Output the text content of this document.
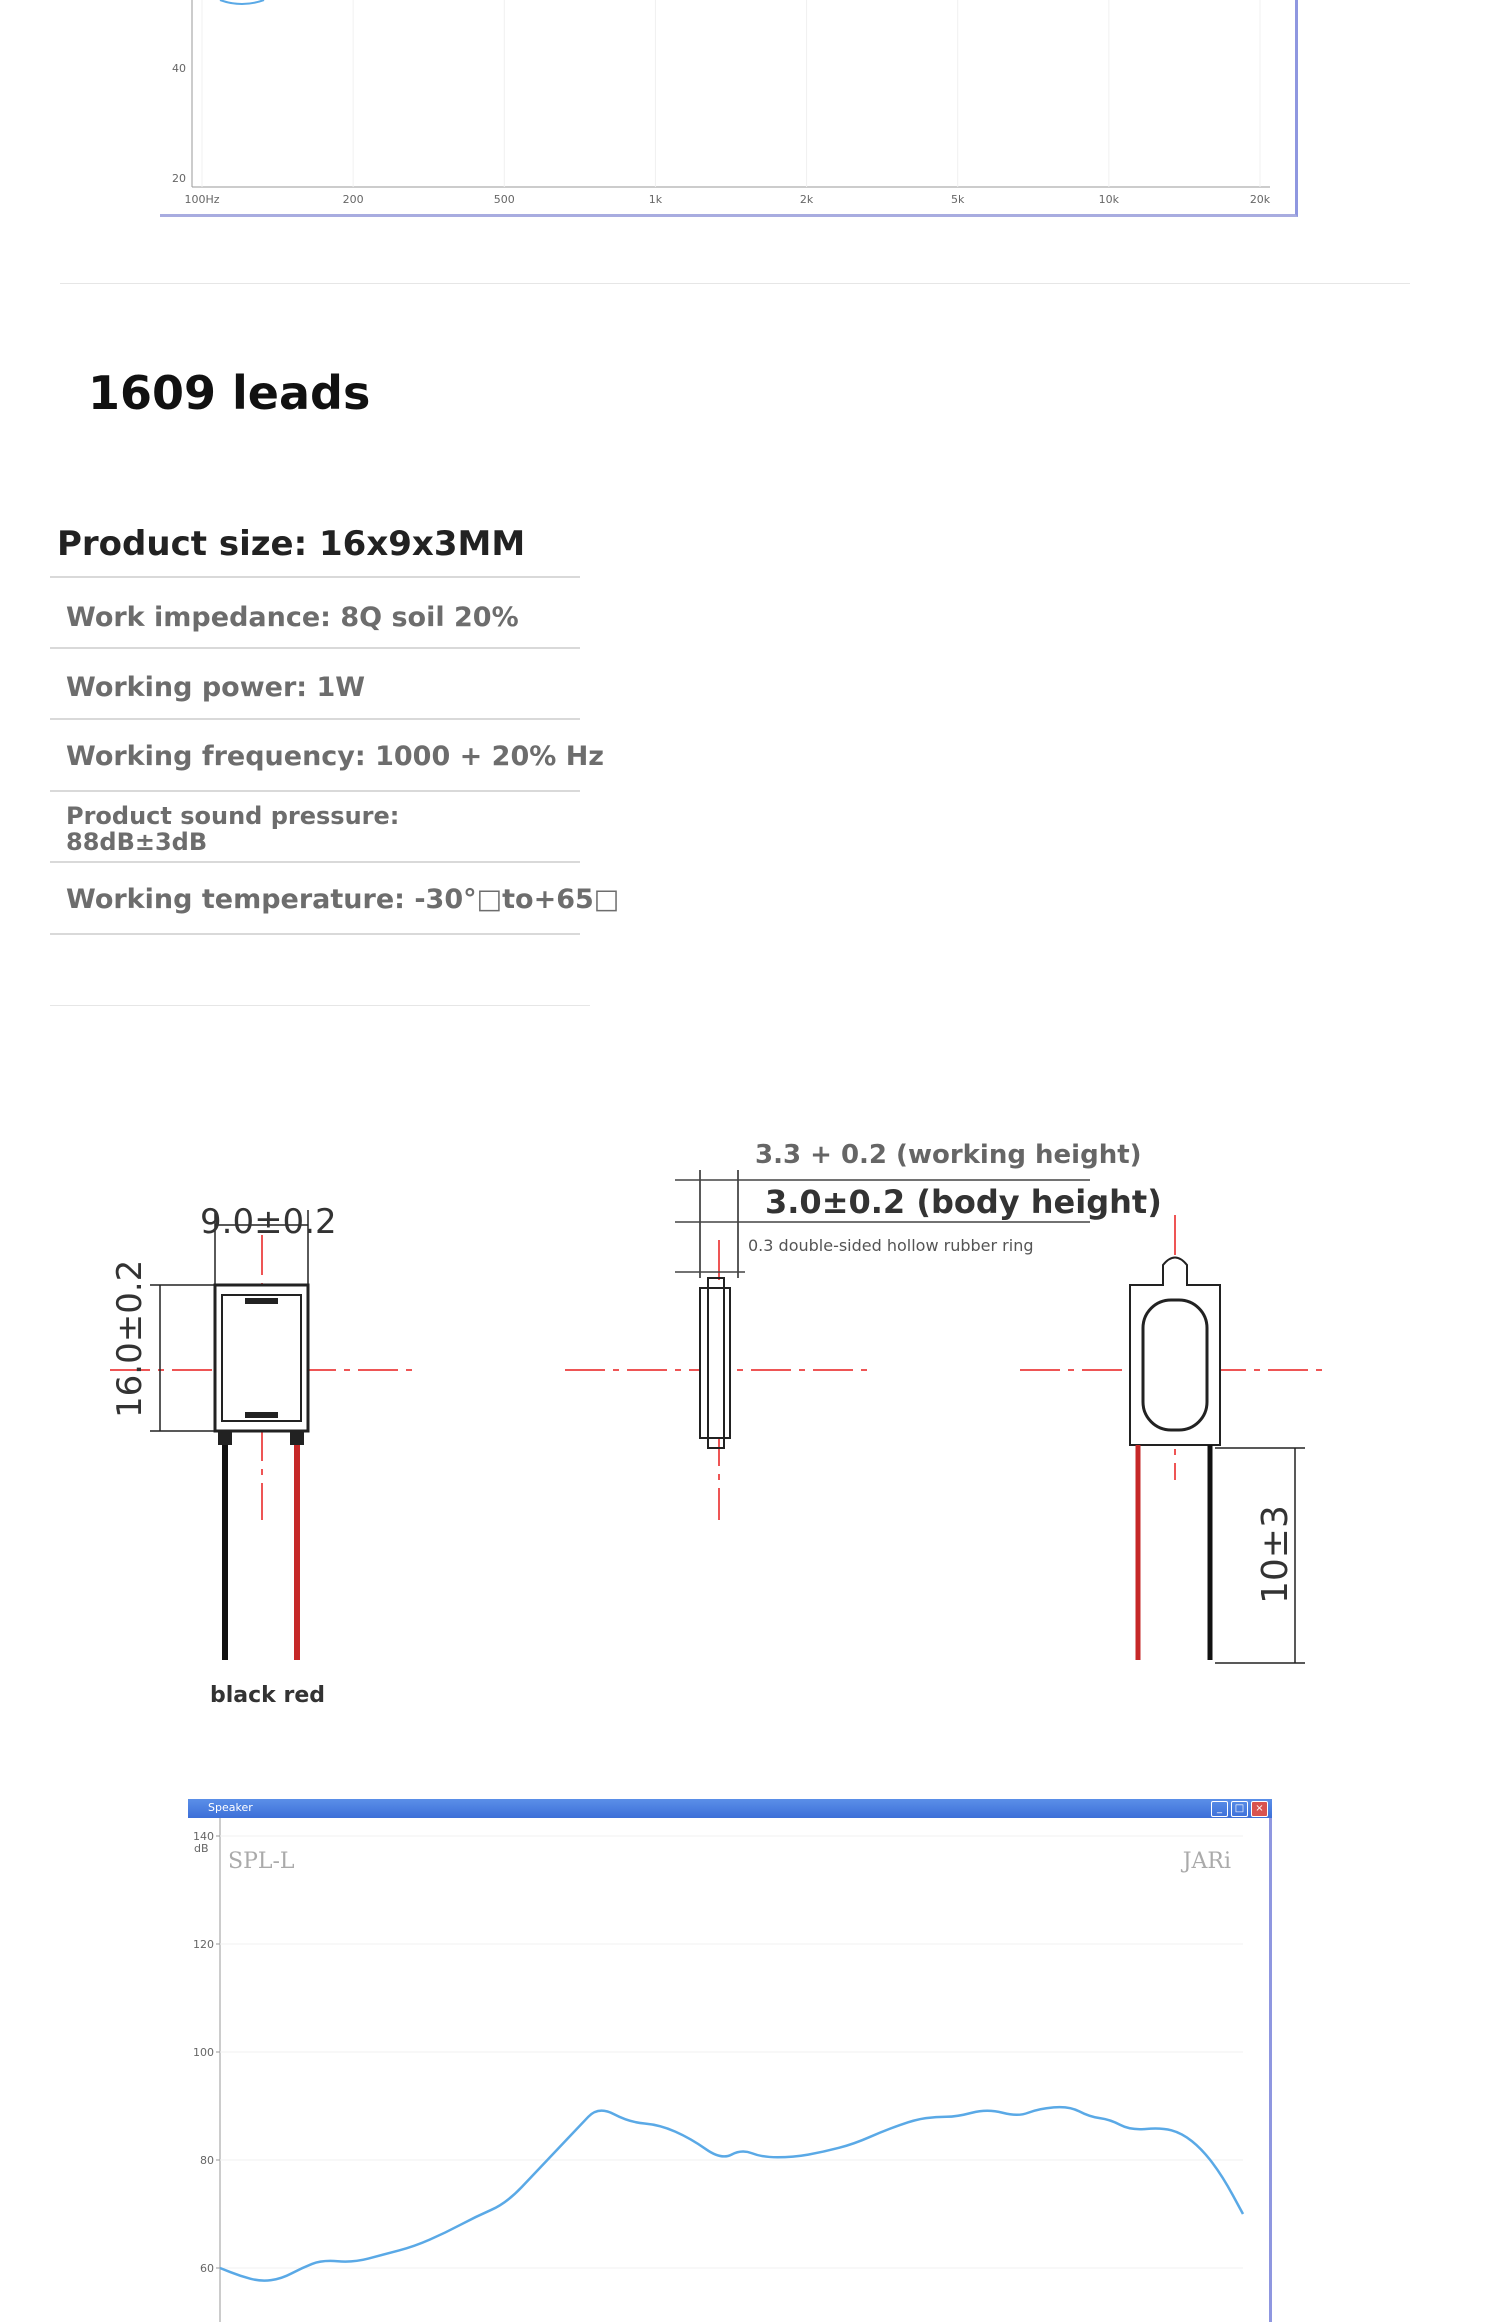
100Hz	200	500	1k	2k	5k	10k	20k
40
20
1609 leads
Product size: 16x9x3MM
Work impedance: 8Q soil 20%
Working power: 1W
Working frequency: 1000 + 20% Hz
Product sound pressure: 88dB±3dB
Working temperature: -30°□to+65□
9.0±0.2
16.0±0.2
3.3 + 0.2 (working height)
3.0±0.2 (body height)
0.3 double-sided hollow rubber ring
10±3
black red
Speaker	_	□	×
140
120
100
80
60
dB
SPL-L	JARi
